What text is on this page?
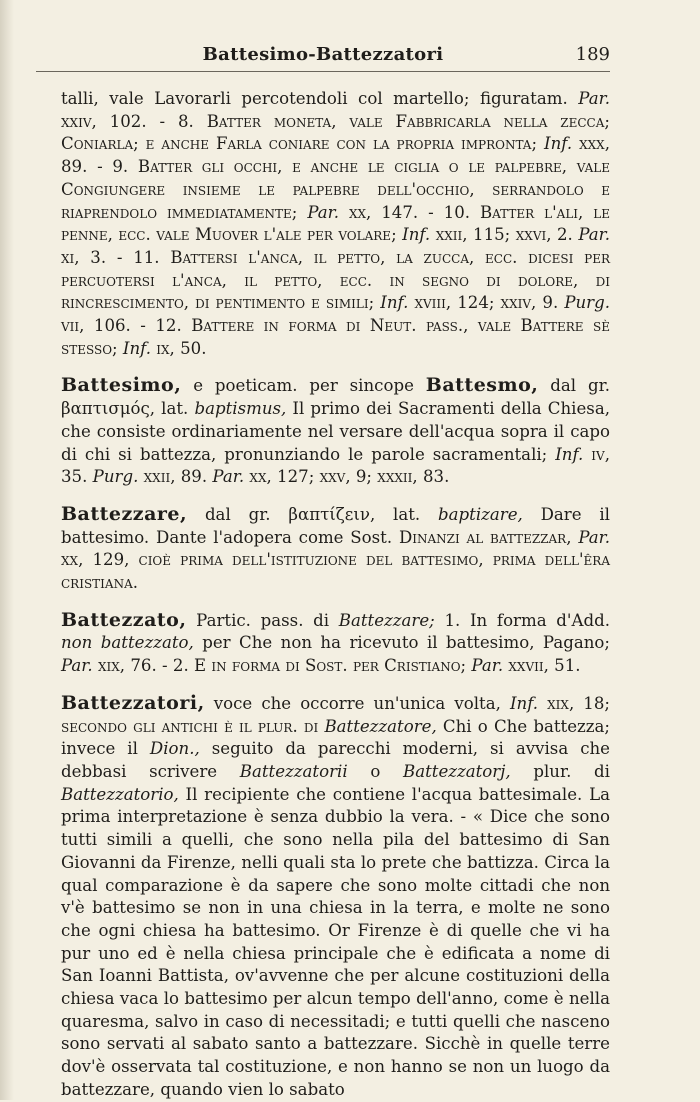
Battesimo-Battezzatori	189

talli, vale Lavorarli percotendoli col martello; figuratam. Par. xxiv, 102. - 8. Batter moneta, vale Fabbricarla nella zecca; Coniarla; e anche Farla coniare con la propria impronta; Inf. xxx, 89. - 9. Batter gli occhi, e anche le ciglia o le palpebre, vale Congiungere insieme le palpebre dell'occhio, serrandolo e riaprendolo immediatamente; Par. xx, 147. - 10. Batter l'ali, le penne, ecc. vale Muover l'ale per volare; Inf. xxii, 115; xxvi, 2. Par. xi, 3. - 11. Battersi l'anca, il petto, la zucca, ecc. dicesi per percuotersi l'anca, il petto, ecc. in segno di dolore, di rincrescimento, di pentimento e simili; Inf. xviii, 124; xxiv, 9. Purg. vii, 106. - 12. Battere in forma di Neut. pass., vale Battere sè stesso; Inf. ix, 50.

Battesimo, e poeticam. per sincope Battesmo, dal gr. βαπτισμός, lat. baptismus, Il primo dei Sacramenti della Chiesa, che consiste ordinariamente nel versare dell'acqua sopra il capo di chi si battezza, pronunziando le parole sacramentali; Inf. iv, 35. Purg. xxii, 89. Par. xx, 127; xxv, 9; xxxii, 83.

Battezzare, dal gr. βαπτίζειν, lat. baptizare, Dare il battesimo. Dante l'adopera come Sost. Dinanzi al battezzar, Par. xx, 129, cioè prima dell'istituzione del battesimo, prima dell'êra cristiana.

Battezzato, Partic. pass. di Battezzare; 1. In forma d'Add. non battezzato, per Che non ha ricevuto il battesimo, Pagano; Par. xix, 76. - 2. E in forma di Sost. per Cristiano; Par. xxvii, 51.

Battezzatori, voce che occorre un'unica volta, Inf. xix, 18; secondo gli antichi è il plur. di Battezzatore, Chi o Che battezza; invece il Dion., seguito da parecchi moderni, si avvisa che debbasi scrivere Battezzatorii o Battezzatorj, plur. di Battezzatorio, Il recipiente che contiene l'acqua battesimale. La prima interpretazione è senza dubbio la vera. - « Dice che sono tutti simili a quelli, che sono nella pila del battesimo di San Giovanni da Firenze, nelli quali sta lo prete che battizza. Circa la qual comparazione è da sapere che sono molte cittadi che non v'è battesimo se non in una chiesa in la terra, e molte ne sono che ogni chiesa ha battesimo. Or Firenze è di quelle che vi ha pur uno ed è nella chiesa principale che è edificata a nome di San Ioanni Battista, ov'avvenne che per alcune costituzioni della chiesa vaca lo battesimo per alcun tempo dell'anno, come è nella quaresma, salvo in caso di necessitadi; e tutti quelli che nasceno sono servati al sabato santo a battezzare. Sicchè in quelle terre dov'è osservata tal costituzione, e non hanno se non un luogo da battezzare, quando vien lo sabato
